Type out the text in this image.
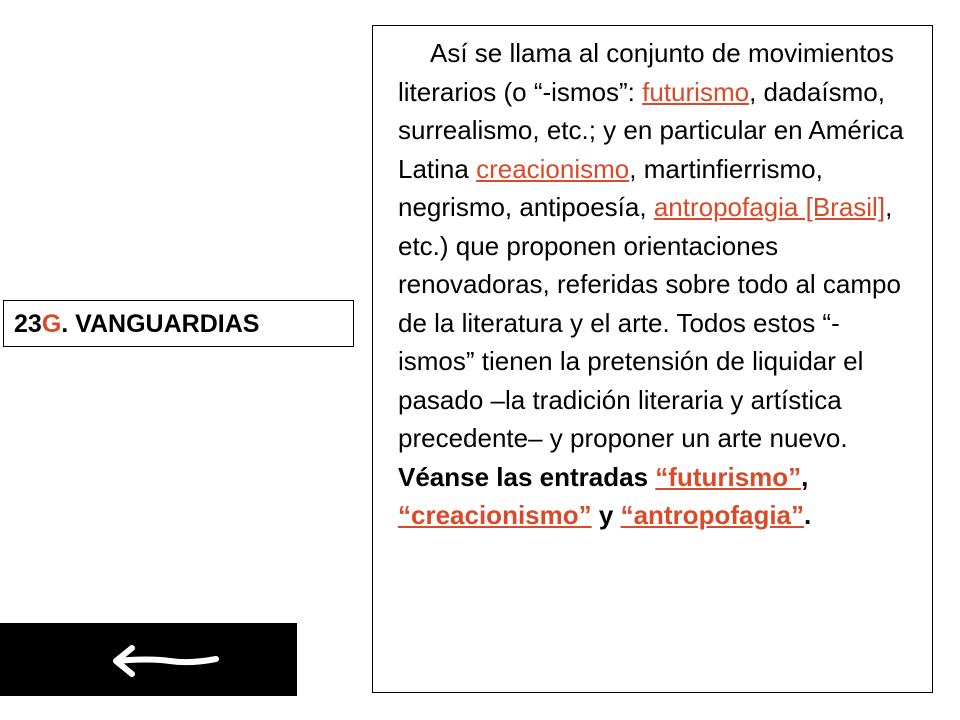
23G. VANGUARDIAS

Así se llama al conjunto de movimientos literarios (o “-ismos”: futurismo, dadaísmo, surrealismo, etc.; y en particular en América Latina creacionismo, martinfierrismo, negrismo, antipoesía, antropofagia [Brasil], etc.) que proponen orientaciones renovadoras, referidas sobre todo al campo de la literatura y el arte. Todos estos “-ismos” tienen la pretensión de liquidar el pasado –la tradición literaria y artística precedente– y proponer un arte nuevo. Véanse las entradas “futurismo”, “creacionismo” y “antropofagia”.
